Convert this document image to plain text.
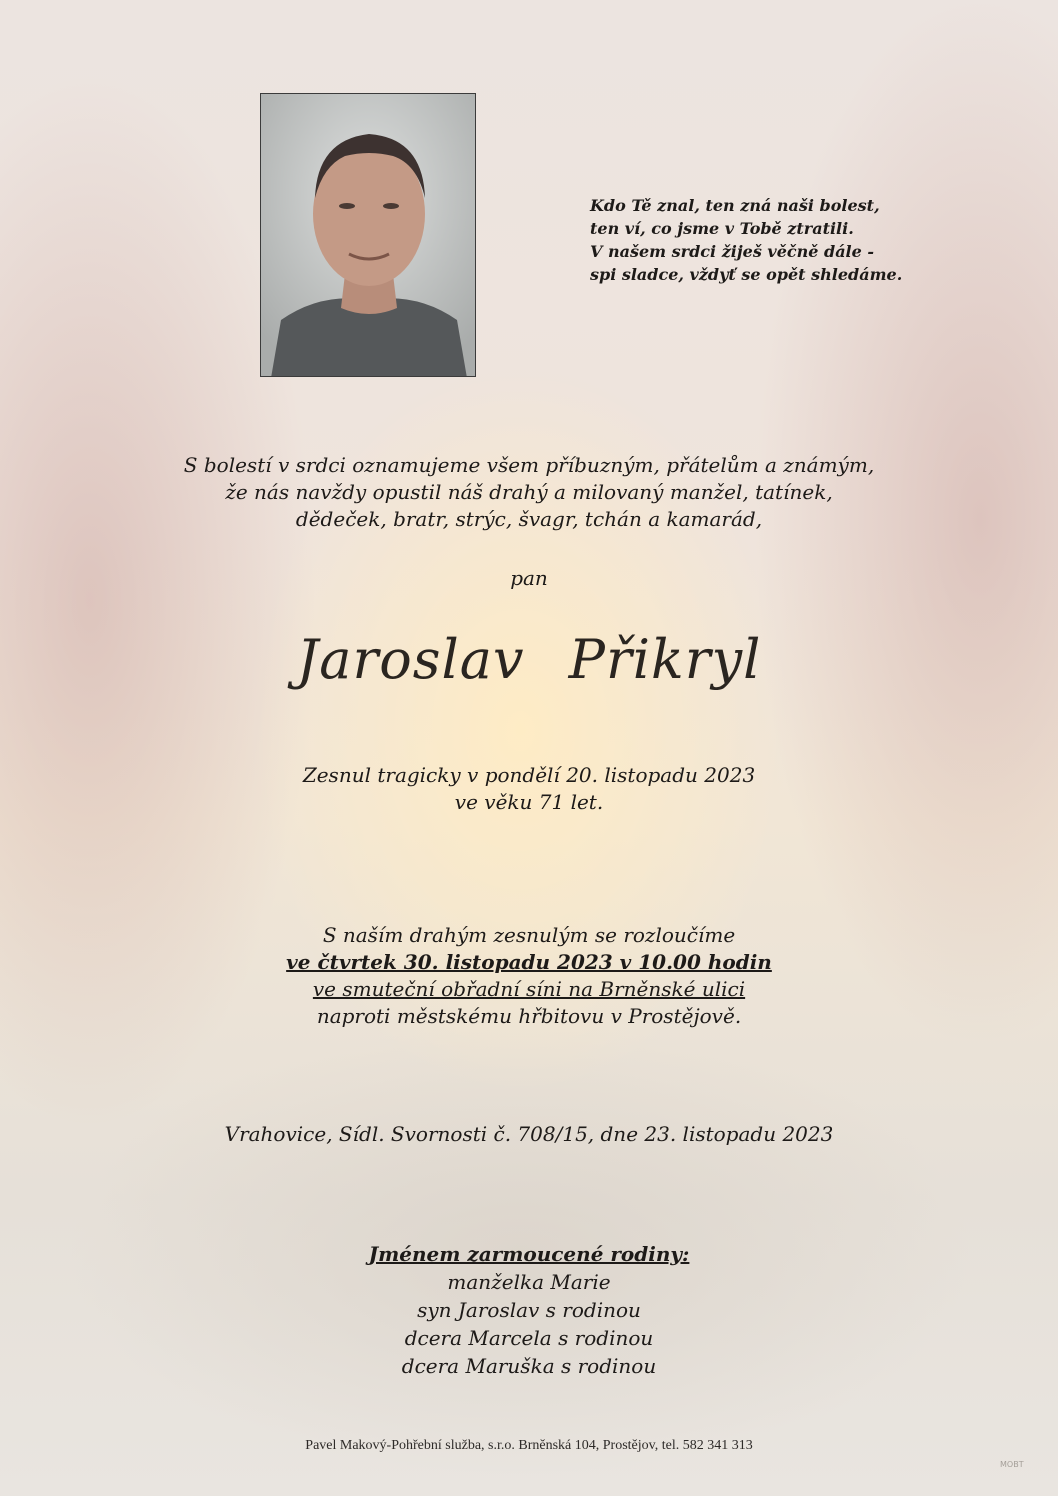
Kdo Tě znal, ten zná naši bolest,
ten ví, co jsme v Tobě ztratili.
V našem srdci žiješ věčně dále -
spi sladce, vždyť se opět shledáme.
S bolestí v srdci oznamujeme všem příbuzným, přátelům a známým,
že nás navždy opustil náš drahý a milovaný manžel, tatínek,
dědeček, bratr, strýc, švagr, tchán a kamarád,
pan
Jaroslav Přikryl
Zesnul tragicky v pondělí 20. listopadu 2023
ve věku 71 let.
S naším drahým zesnulým se rozloučíme
ve čtvrtek 30. listopadu 2023 v 10.00 hodin
ve smuteční obřadní síni na Brněnské ulici
naproti městskému hřbitovu v Prostějově.
Vrahovice, Sídl. Svornosti č. 708/15, dne 23. listopadu 2023
Jménem zarmoucené rodiny:
manželka Marie
syn Jaroslav s rodinou
dcera Marcela s rodinou
dcera Maruška s rodinou
Pavel Makový-Pohřební služba, s.r.o. Brněnská 104, Prostějov, tel. 582 341 313
MOBT
